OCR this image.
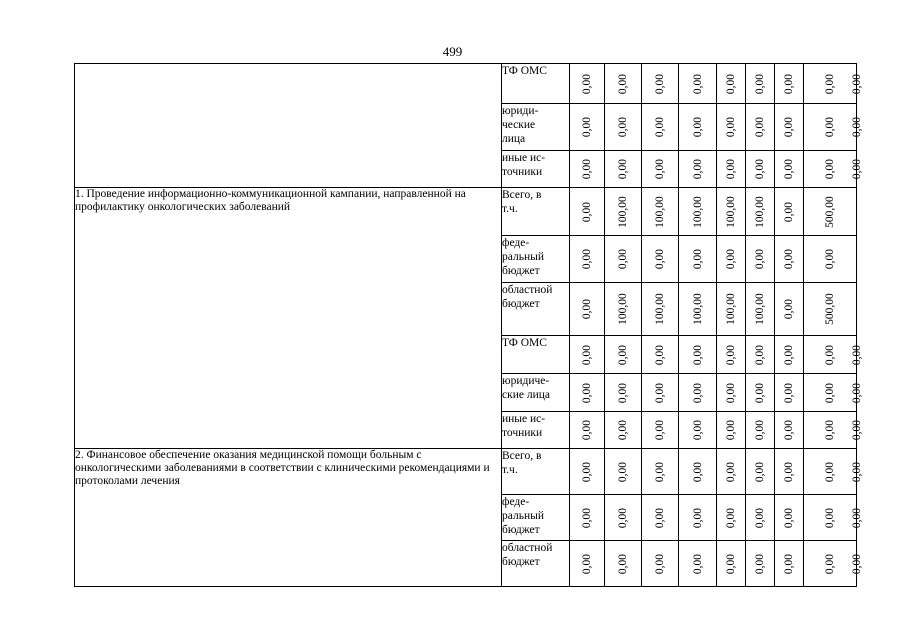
499
	ТФ ОМС	0,00	0,00	0,00	0,00	0,00	0,00	0,00	0,00	0,00

	юриди-
ческие
лица	0,00	0,00	0,00	0,00	0,00	0,00	0,00	0,00	0,00

	иные ис-
точники	0,00	0,00	0,00	0,00	0,00	0,00	0,00	0,00	0,00

1. Проведение информационно-коммуникационной кампании, направленной на профилактику онкологических заболеваний	Всего, в
т.ч.	0,00	100,00	100,00	100,00	100,00	100,00	0,00	500,00	

	феде-
ральный
бюджет	0,00	0,00	0,00	0,00	0,00	0,00	0,00	0,00	

	областной
бюджет	0,00	100,00	100,00	100,00	100,00	100,00	0,00	500,00	

	ТФ ОМС	0,00	0,00	0,00	0,00	0,00	0,00	0,00	0,00	0,00

	юридиче-
ские лица	0,00	0,00	0,00	0,00	0,00	0,00	0,00	0,00	0,00

	иные ис-
точники	0,00	0,00	0,00	0,00	0,00	0,00	0,00	0,00	0,00

2. Финансовое обеспечение оказания медицинской помощи больным с онкологическими заболеваниями в соответствии с клиническими рекомендациями и протоколами лечения	Всего, в
т.ч.	0,00	0,00	0,00	0,00	0,00	0,00	0,00	0,00	0,00

	феде-
ральный
бюджет	0,00	0,00	0,00	0,00	0,00	0,00	0,00	0,00	0,00

	областной
бюджет	0,00	0,00	0,00	0,00	0,00	0,00	0,00	0,00	0,00
